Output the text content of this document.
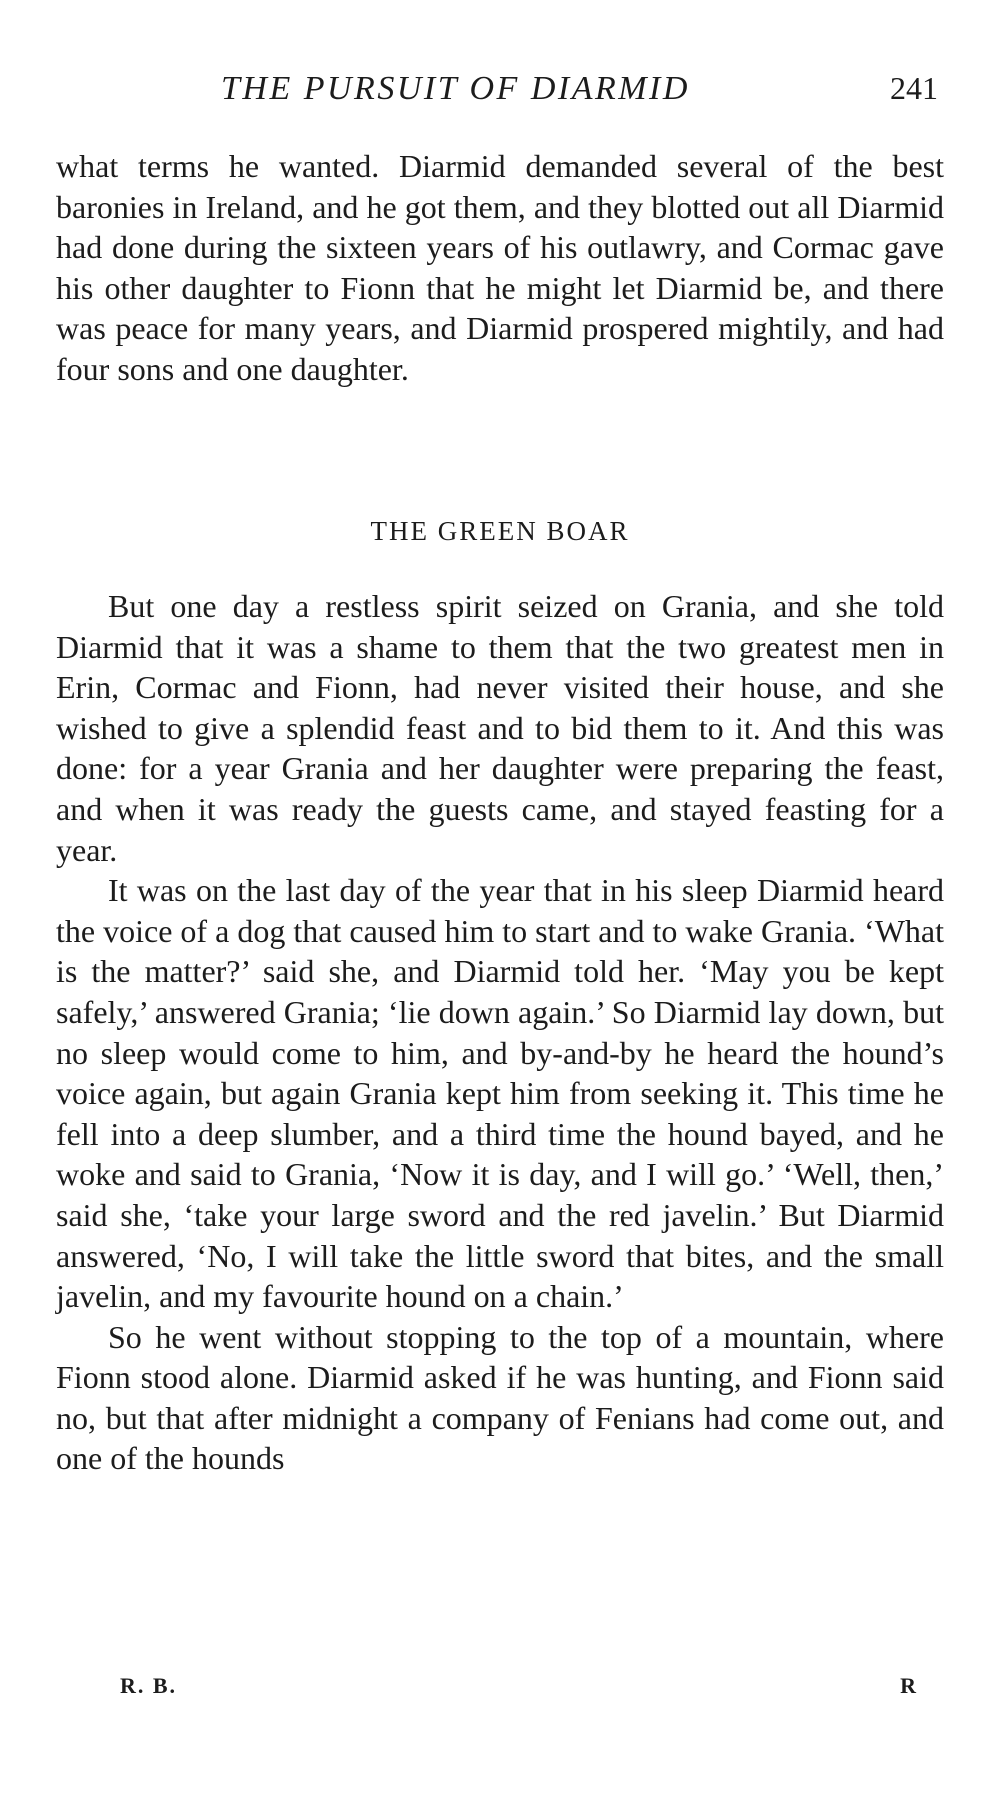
THE PURSUIT OF DIARMID	241

what terms he wanted. Diarmid demanded several of the best baronies in Ireland, and he got them, and they blotted out all Diarmid had done during the sixteen years of his outlawry, and Cormac gave his other daughter to Fionn that he might let Diarmid be, and there was peace for many years, and Diarmid prospered mightily, and had four sons and one daughter.

THE GREEN BOAR

But one day a restless spirit seized on Grania, and she told Diarmid that it was a shame to them that the two greatest men in Erin, Cormac and Fionn, had never visited their house, and she wished to give a splendid feast and to bid them to it. And this was done: for a year Grania and her daughter were preparing the feast, and when it was ready the guests came, and stayed feasting for a year.

It was on the last day of the year that in his sleep Diarmid heard the voice of a dog that caused him to start and to wake Grania. ‘What is the matter?’ said she, and Diarmid told her. ‘May you be kept safely,’ answered Grania; ‘lie down again.’ So Diarmid lay down, but no sleep would come to him, and by-and-by he heard the hound’s voice again, but again Grania kept him from seeking it. This time he fell into a deep slumber, and a third time the hound bayed, and he woke and said to Grania, ‘Now it is day, and I will go.’ ‘Well, then,’ said she, ‘take your large sword and the red javelin.’ But Diarmid answered, ‘No, I will take the little sword that bites, and the small javelin, and my favourite hound on a chain.’

So he went without stopping to the top of a mountain, where Fionn stood alone. Diarmid asked if he was hunting, and Fionn said no, but that after midnight a company of Fenians had come out, and one of the hounds

R. B.	R
